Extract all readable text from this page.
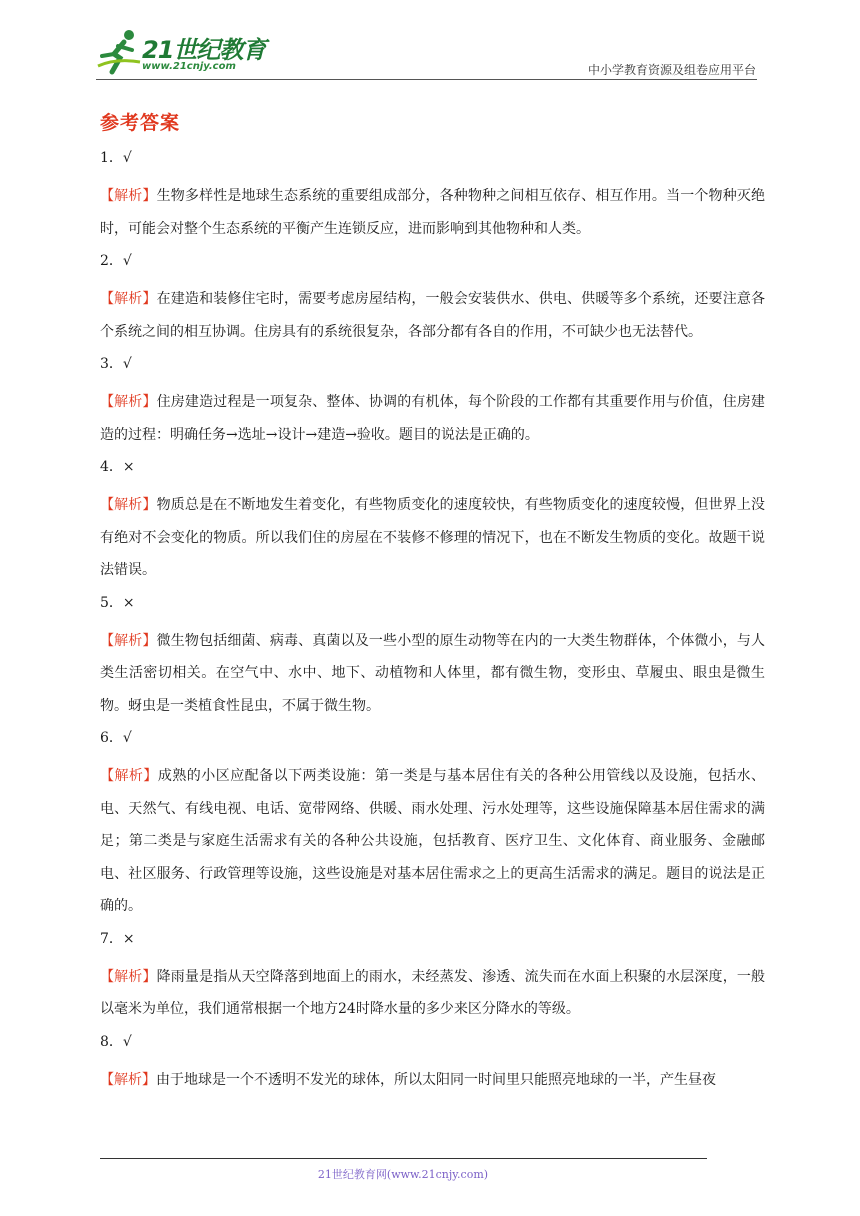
21世纪教育
www.21cnjy.com	中小学教育资源及组卷应用平台
参考答案
1．√
【解析】生物多样性是地球生态系统的重要组成部分，各种物种之间相互依存、相互作用。当一个物种灭绝时，可能会对整个生态系统的平衡产生连锁反应，进而影响到其他物种和人类。
2．√
【解析】在建造和装修住宅时，需要考虑房屋结构，一般会安装供水、供电、供暖等多个系统，还要注意各个系统之间的相互协调。住房具有的系统很复杂，各部分都有各自的作用，不可缺少也无法替代。
3．√
【解析】住房建造过程是一项复杂、整体、协调的有机体，每个阶段的工作都有其重要作用与价值，住房建造的过程：明确任务→选址→设计→建造→验收。题目的说法是正确的。
4．×
【解析】物质总是在不断地发生着变化，有些物质变化的速度较快，有些物质变化的速度较慢，但世界上没有绝对不会变化的物质。所以我们住的房屋在不装修不修理的情况下，也在不断发生物质的变化。故题干说法错误。
5．×
【解析】微生物包括细菌、病毒、真菌以及一些小型的原生动物等在内的一大类生物群体，个体微小，与人类生活密切相关。在空气中、水中、地下、动植物和人体里，都有微生物，变形虫、草履虫、眼虫是微生物。蚜虫是一类植食性昆虫，不属于微生物。
6．√
【解析】成熟的小区应配备以下两类设施：第一类是与基本居住有关的各种公用管线以及设施，包括水、电、天然气、有线电视、电话、宽带网络、供暖、雨水处理、污水处理等，这些设施保障基本居住需求的满足；第二类是与家庭生活需求有关的各种公共设施，包括教育、医疗卫生、文化体育、商业服务、金融邮电、社区服务、行政管理等设施，这些设施是对基本居住需求之上的更高生活需求的满足。题目的说法是正确的。
7．×
【解析】降雨量是指从天空降落到地面上的雨水，未经蒸发、渗透、流失而在水面上积聚的水层深度，一般以毫米为单位，我们通常根据一个地方24时降水量的多少来区分降水的等级。
8．√
【解析】由于地球是一个不透明不发光的球体，所以太阳同一时间里只能照亮地球的一半，产生昼夜
21世纪教育网(www.21cnjy.com)
